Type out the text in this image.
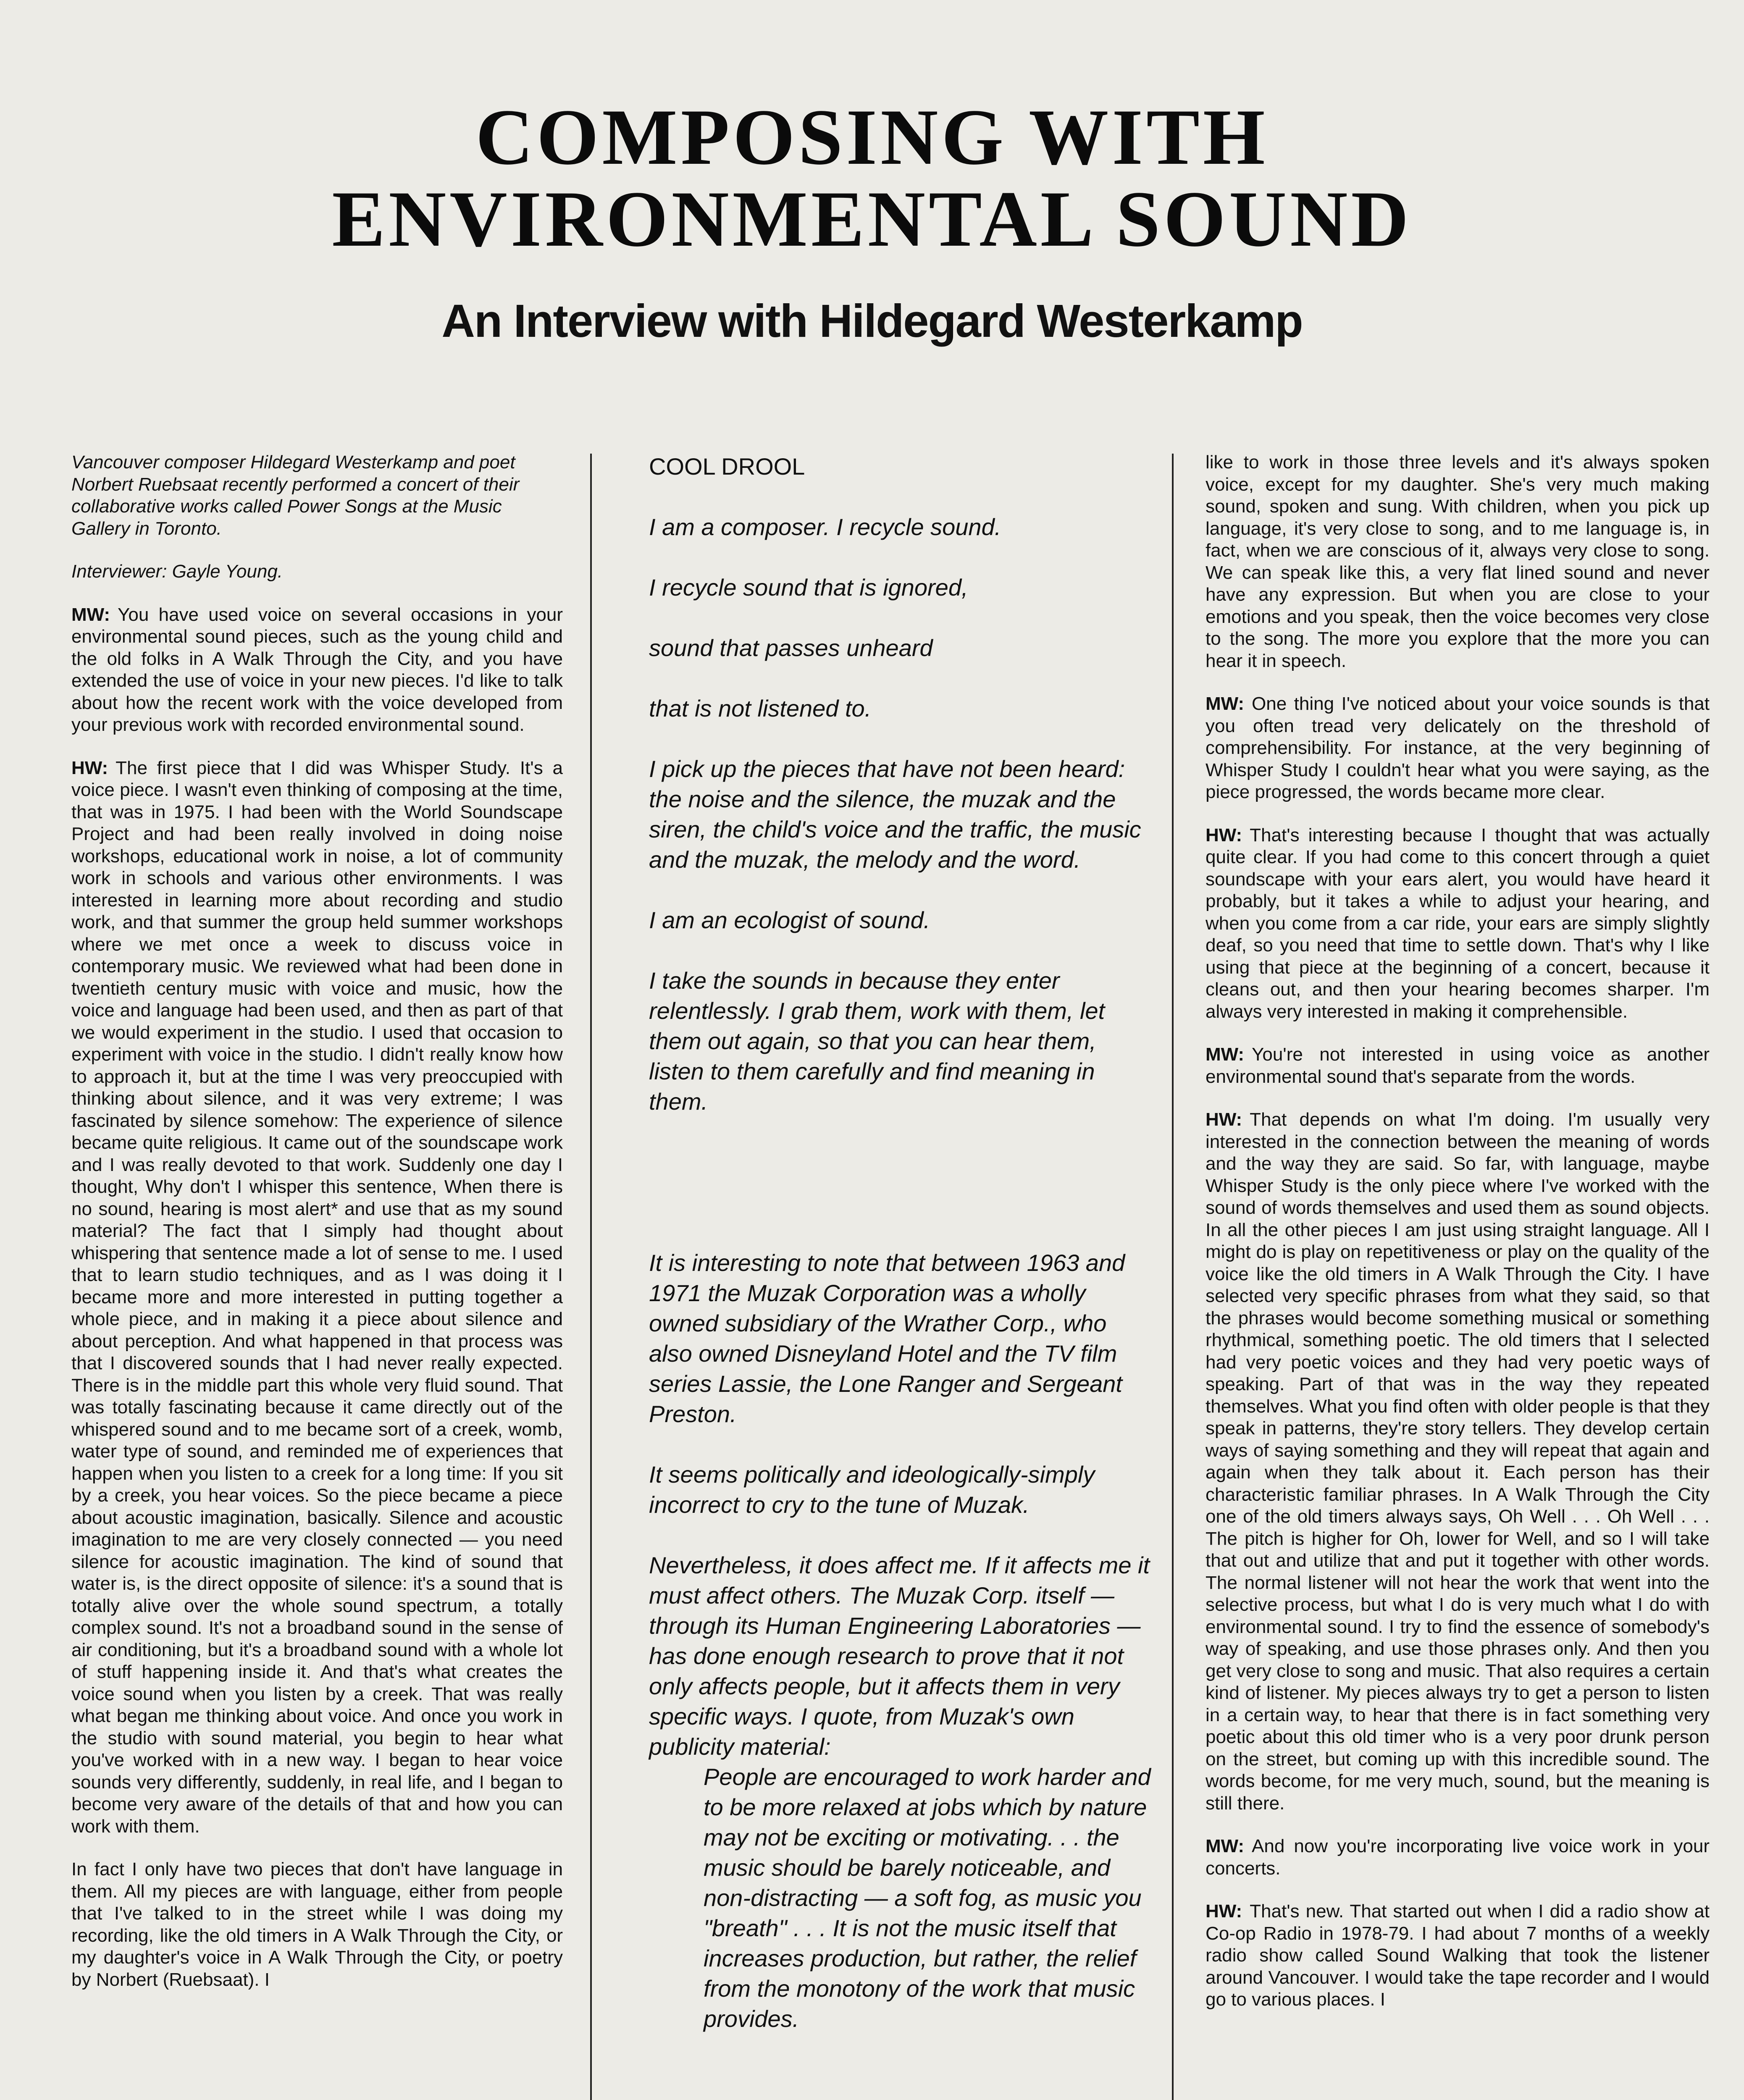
COMPOSING WITH
ENVIRONMENTAL SOUND
An Interview with Hildegard Westerkamp

Vancouver composer Hildegard Westerkamp and poet Norbert Ruebsaat recently performed a concert of their collaborative works called Power Songs at the Music Gallery in Toronto.

Interviewer: Gayle Young.

MW: You have used voice on several occasions in your environmental sound pieces, such as the young child and the old folks in A Walk Through the City, and you have extended the use of voice in your new pieces. I'd like to talk about how the recent work with the voice developed from your previous work with recorded environmental sound.

HW: The first piece that I did was Whisper Study. It's a voice piece. I wasn't even thinking of composing at the time, that was in 1975. I had been with the World Soundscape Project and had been really involved in doing noise workshops, educational work in noise, a lot of community work in schools and various other environments. I was interested in learning more about recording and studio work, and that summer the group held summer workshops where we met once a week to discuss voice in contemporary music. We reviewed what had been done in twentieth century music with voice and music, how the voice and language had been used, and then as part of that we would experiment in the studio. I used that occasion to experiment with voice in the studio. I didn't really know how to approach it, but at the time I was very preoccupied with thinking about silence, and it was very extreme; I was fascinated by silence somehow: The experience of silence became quite religious. It came out of the soundscape work and I was really devoted to that work. Suddenly one day I thought, Why don't I whisper this sentence, When there is no sound, hearing is most alert* and use that as my sound material? The fact that I simply had thought about whispering that sentence made a lot of sense to me. I used that to learn studio techniques, and as I was doing it I became more and more interested in putting together a whole piece, and in making it a piece about silence and about perception. And what happened in that process was that I discovered sounds that I had never really expected. There is in the middle part this whole very fluid sound. That was totally fascinating because it came directly out of the whispered sound and to me became sort of a creek, womb, water type of sound, and reminded me of experiences that happen when you listen to a creek for a long time: If you sit by a creek, you hear voices. So the piece became a piece about acoustic imagination, basically. Silence and acoustic imagination to me are very closely connected — you need silence for acoustic imagination. The kind of sound that water is, is the direct opposite of silence: it's a sound that is totally alive over the whole sound spectrum, a totally complex sound. It's not a broadband sound in the sense of air conditioning, but it's a broadband sound with a whole lot of stuff happening inside it. And that's what creates the voice sound when you listen by a creek. That was really what began me thinking about voice. And once you work in the studio with sound material, you begin to hear what you've worked with in a new way. I began to hear voice sounds very differently, suddenly, in real life, and I began to become very aware of the details of that and how you can work with them.

In fact I only have two pieces that don't have language in them. All my pieces are with language, either from people that I've talked to in the street while I was doing my recording, like the old timers in A Walk Through the City, or my daughter's voice in A Walk Through the City, or poetry by Norbert (Ruebsaat). I

COOL DROOL

I am a composer. I recycle sound.

I recycle sound that is ignored,

sound that passes unheard

that is not listened to.

I pick up the pieces that have not been heard: the noise and the silence, the muzak and the siren, the child's voice and the traffic, the music and the muzak, the melody and the word.

I am an ecologist of sound.

I take the sounds in because they enter relentlessly. I grab them, work with them, let them out again, so that you can hear them, listen to them carefully and find meaning in them.

It is interesting to note that between 1963 and 1971 the Muzak Corporation was a wholly owned subsidiary of the Wrather Corp., who also owned Disneyland Hotel and the TV film series Lassie, the Lone Ranger and Sergeant Preston.

It seems politically and ideologically-simply incorrect to cry to the tune of Muzak.

Nevertheless, it does affect me. If it affects me it must affect others. The Muzak Corp. itself — through its Human Engineering Laboratories — has done enough research to prove that it not only affects people, but it affects them in very specific ways. I quote, from Muzak's own publicity material:

People are encouraged to work harder and to be more relaxed at jobs which by nature may not be exciting or motivating. . . the music should be barely noticeable, and non-distracting — a soft fog, as music you "breath" . . . It is not the music itself that increases production, but rather, the relief from the monotony of the work that music provides.

like to work in those three levels and it's always spoken voice, except for my daughter. She's very much making sound, spoken and sung. With children, when you pick up language, it's very close to song, and to me language is, in fact, when we are conscious of it, always very close to song. We can speak like this, a very flat lined sound and never have any expression. But when you are close to your emotions and you speak, then the voice becomes very close to the song. The more you explore that the more you can hear it in speech.

MW: One thing I've noticed about your voice sounds is that you often tread very delicately on the threshold of comprehensibility. For instance, at the very beginning of Whisper Study I couldn't hear what you were saying, as the piece progressed, the words became more clear.

HW: That's interesting because I thought that was actually quite clear. If you had come to this concert through a quiet soundscape with your ears alert, you would have heard it probably, but it takes a while to adjust your hearing, and when you come from a car ride, your ears are simply slightly deaf, so you need that time to settle down. That's why I like using that piece at the beginning of a concert, because it cleans out, and then your hearing becomes sharper. I'm always very interested in making it comprehensible.

MW: You're not interested in using voice as another environmental sound that's separate from the words.

HW: That depends on what I'm doing. I'm usually very interested in the connection between the meaning of words and the way they are said. So far, with language, maybe Whisper Study is the only piece where I've worked with the sound of words themselves and used them as sound objects. In all the other pieces I am just using straight language. All I might do is play on repetitiveness or play on the quality of the voice like the old timers in A Walk Through the City. I have selected very specific phrases from what they said, so that the phrases would become something musical or something rhythmical, something poetic. The old timers that I selected had very poetic voices and they had very poetic ways of speaking. Part of that was in the way they repeated themselves. What you find often with older people is that they speak in patterns, they're story tellers. They develop certain ways of saying something and they will repeat that again and again when they talk about it. Each person has their characteristic familiar phrases. In A Walk Through the City one of the old timers always says, Oh Well . . . Oh Well . . . The pitch is higher for Oh, lower for Well, and so I will take that out and utilize that and put it together with other words. The normal listener will not hear the work that went into the selective process, but what I do is very much what I do with environmental sound. I try to find the essence of somebody's way of speaking, and use those phrases only. And then you get very close to song and music. That also requires a certain kind of listener. My pieces always try to get a person to listen in a certain way, to hear that there is in fact something very poetic about this old timer who is a very poor drunk person on the street, but coming up with this incredible sound. The words become, for me very much, sound, but the meaning is still there.

MW: And now you're incorporating live voice work in your concerts.

HW: That's new. That started out when I did a radio show at Co-op Radio in 1978-79. I had about 7 months of a weekly radio show called Sound Walking that took the listener around Vancouver. I would take the tape recorder and I would go to various places. I
